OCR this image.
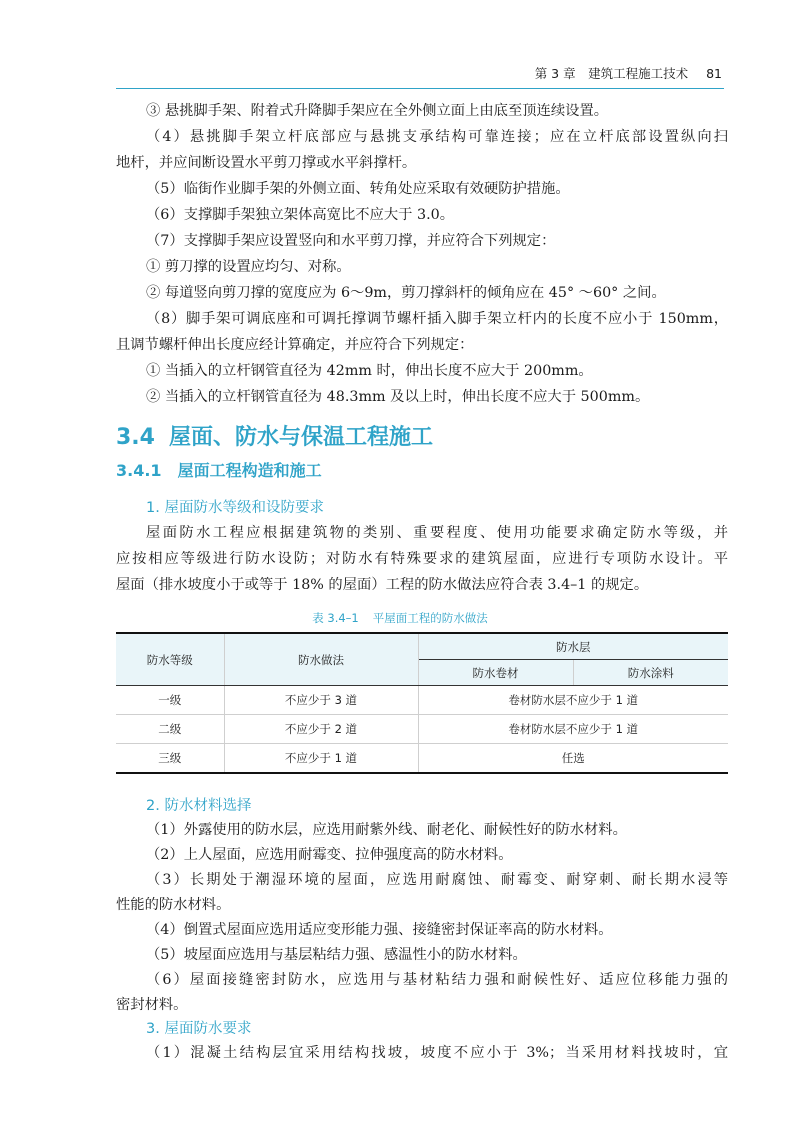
第 3 章　建筑工程施工技术 81
③ 悬挑脚手架、附着式升降脚手架应在全外侧立面上由底至顶连续设置。
（4）悬挑脚手架立杆底部应与悬挑支承结构可靠连接；应在立杆底部设置纵向扫
地杆，并应间断设置水平剪刀撑或水平斜撑杆。
（5）临街作业脚手架的外侧立面、转角处应采取有效硬防护措施。
（6）支撑脚手架独立架体高宽比不应大于 3.0。
（7）支撑脚手架应设置竖向和水平剪刀撑，并应符合下列规定：
① 剪刀撑的设置应均匀、对称。
② 每道竖向剪刀撑的宽度应为 6～9m，剪刀撑斜杆的倾角应在 45° ～60° 之间。
（8）脚手架可调底座和可调托撑调节螺杆插入脚手架立杆内的长度不应小于 150mm，
且调节螺杆伸出长度应经计算确定，并应符合下列规定：
① 当插入的立杆钢管直径为 42mm 时，伸出长度不应大于 200mm。
② 当插入的立杆钢管直径为 48.3mm 及以上时，伸出长度不应大于 500mm。
3.4 屋面、防水与保温工程施工
3.4.1 屋面工程构造和施工
1. 屋面防水等级和设防要求
屋面防水工程应根据建筑物的类别、重要程度、使用功能要求确定防水等级，并
应按相应等级进行防水设防；对防水有特殊要求的建筑屋面，应进行专项防水设计。平
屋面（排水坡度小于或等于 18% 的屋面）工程的防水做法应符合表 3.4–1 的规定。
表 3.4–1 平屋面工程的防水做法
防水等级	防水做法	防水层	
		防水卷材	防水涂料
一级	不应少于 3 道	卷材防水层不应少于 1 道	
二级	不应少于 2 道	卷材防水层不应少于 1 道	
三级	不应少于 1 道	任选	
2. 防水材料选择
（1）外露使用的防水层，应选用耐紫外线、耐老化、耐候性好的防水材料。
（2）上人屋面，应选用耐霉变、拉伸强度高的防水材料。
（3）长期处于潮湿环境的屋面，应选用耐腐蚀、耐霉变、耐穿刺、耐长期水浸等
性能的防水材料。
（4）倒置式屋面应选用适应变形能力强、接缝密封保证率高的防水材料。
（5）坡屋面应选用与基层粘结力强、感温性小的防水材料。
（6）屋面接缝密封防水，应选用与基材粘结力强和耐候性好、适应位移能力强的
密封材料。
3. 屋面防水要求
（1）混凝土结构层宜采用结构找坡，坡度不应小于 3%；当采用材料找坡时，宜
